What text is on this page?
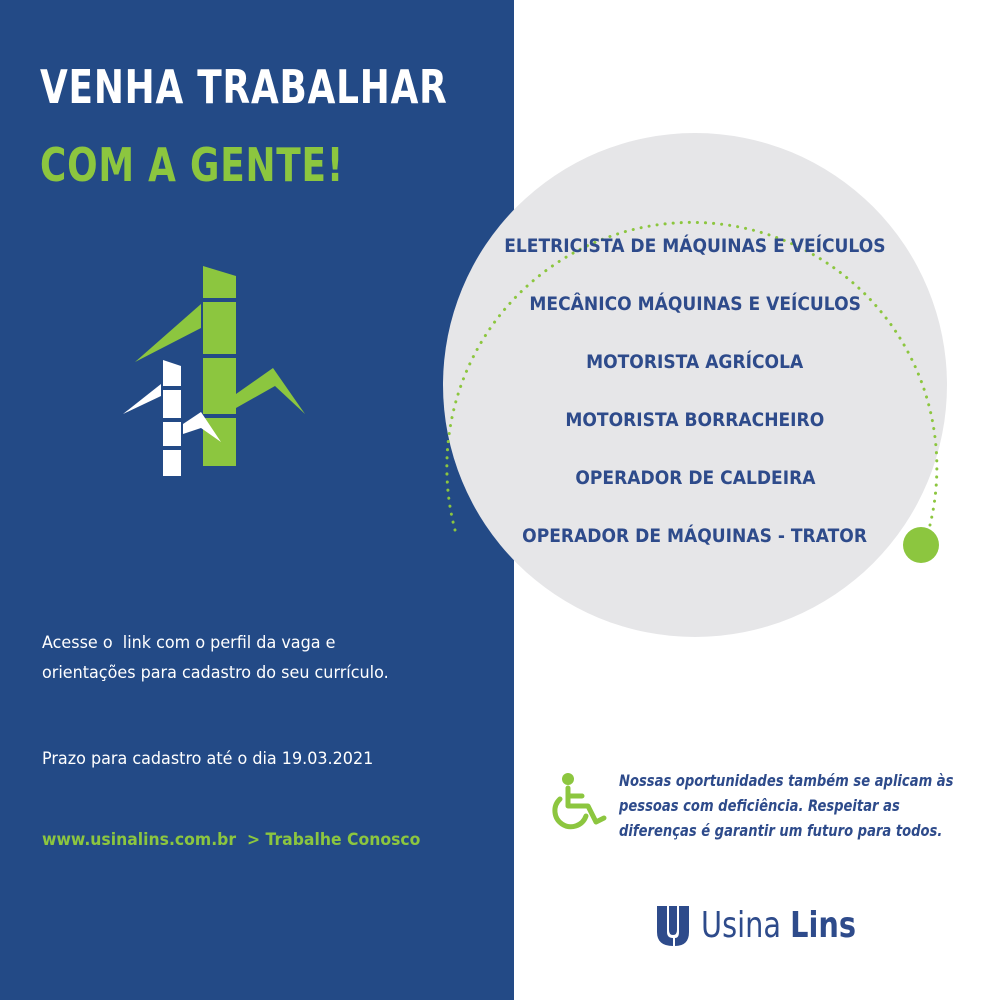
VENHA TRABALHAR
COM A GENTE!
ELETRICISTA DE MÁQUINAS E VEÍCULOS
MECÂNICO MÁQUINAS E VEÍCULOS
MOTORISTA AGRÍCOLA
MOTORISTA BORRACHEIRO
OPERADOR DE CALDEIRA
OPERADOR DE MÁQUINAS - TRATOR
Acesse o  link com o perfil da vaga e
orientações para cadastro do seu currículo.
Prazo para cadastro até o dia 19.03.2021
www.usinalins.com.br  > Trabalhe Conosco
Nossas oportunidades também se aplicam às
pessoas com deficiência. Respeitar as
diferenças é garantir um futuro para todos.
Usina Lins
